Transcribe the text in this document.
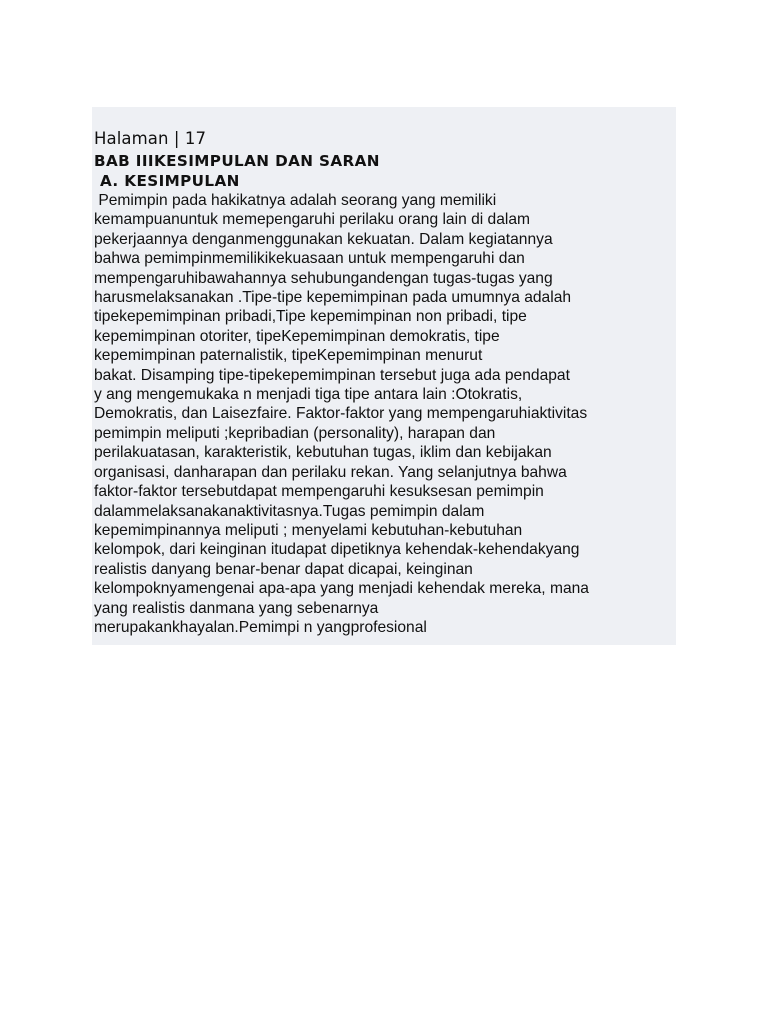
Halaman | 17

BAB IIIKESIMPULAN DAN SARAN
A. KESIMPULAN
Pemimpin pada hakikatnya adalah seorang yang memiliki
kemampuanuntuk memepengaruhi perilaku orang lain di dalam
pekerjaannya denganmenggunakan kekuatan. Dalam kegiatannya
bahwa pemimpinmemilikikekuasaan untuk mempengaruhi dan
mempengaruhibawahannya sehubungandengan tugas-tugas yang
harusmelaksanakan .Tipe-tipe kepemimpinan pada umumnya adalah
tipekepemimpinan pribadi,Tipe kepemimpinan non pribadi, tipe
kepemimpinan otoriter, tipeKepemimpinan demokratis, tipe
kepemimpinan paternalistik, tipeKepemimpinan menurut
bakat. Disamping tipe-tipekepemimpinan tersebut juga ada pendapat
y ang mengemukaka n menjadi tiga tipe antara lain :Otokratis,
Demokratis, dan Laisezfaire. Faktor-faktor yang mempengaruhiaktivitas
pemimpin meliputi ;kepribadian (personality), harapan dan
perilakuatasan, karakteristik, kebutuhan tugas, iklim dan kebijakan
organisasi, danharapan dan perilaku rekan. Yang selanjutnya bahwa
faktor-faktor tersebutdapat mempengaruhi kesuksesan pemimpin
dalammelaksanakanaktivitasnya.Tugas pemimpin dalam
kepemimpinannya meliputi ; menyelami kebutuhan-kebutuhan
kelompok, dari keinginan itudapat dipetiknya kehendak-kehendakyang
realistis danyang benar-benar dapat dicapai, keinginan
kelompoknyamengenai apa-apa yang menjadi kehendak mereka, mana
yang realistis danmana yang sebenarnya
merupakankhayalan.Pemimpi n yangprofesional
